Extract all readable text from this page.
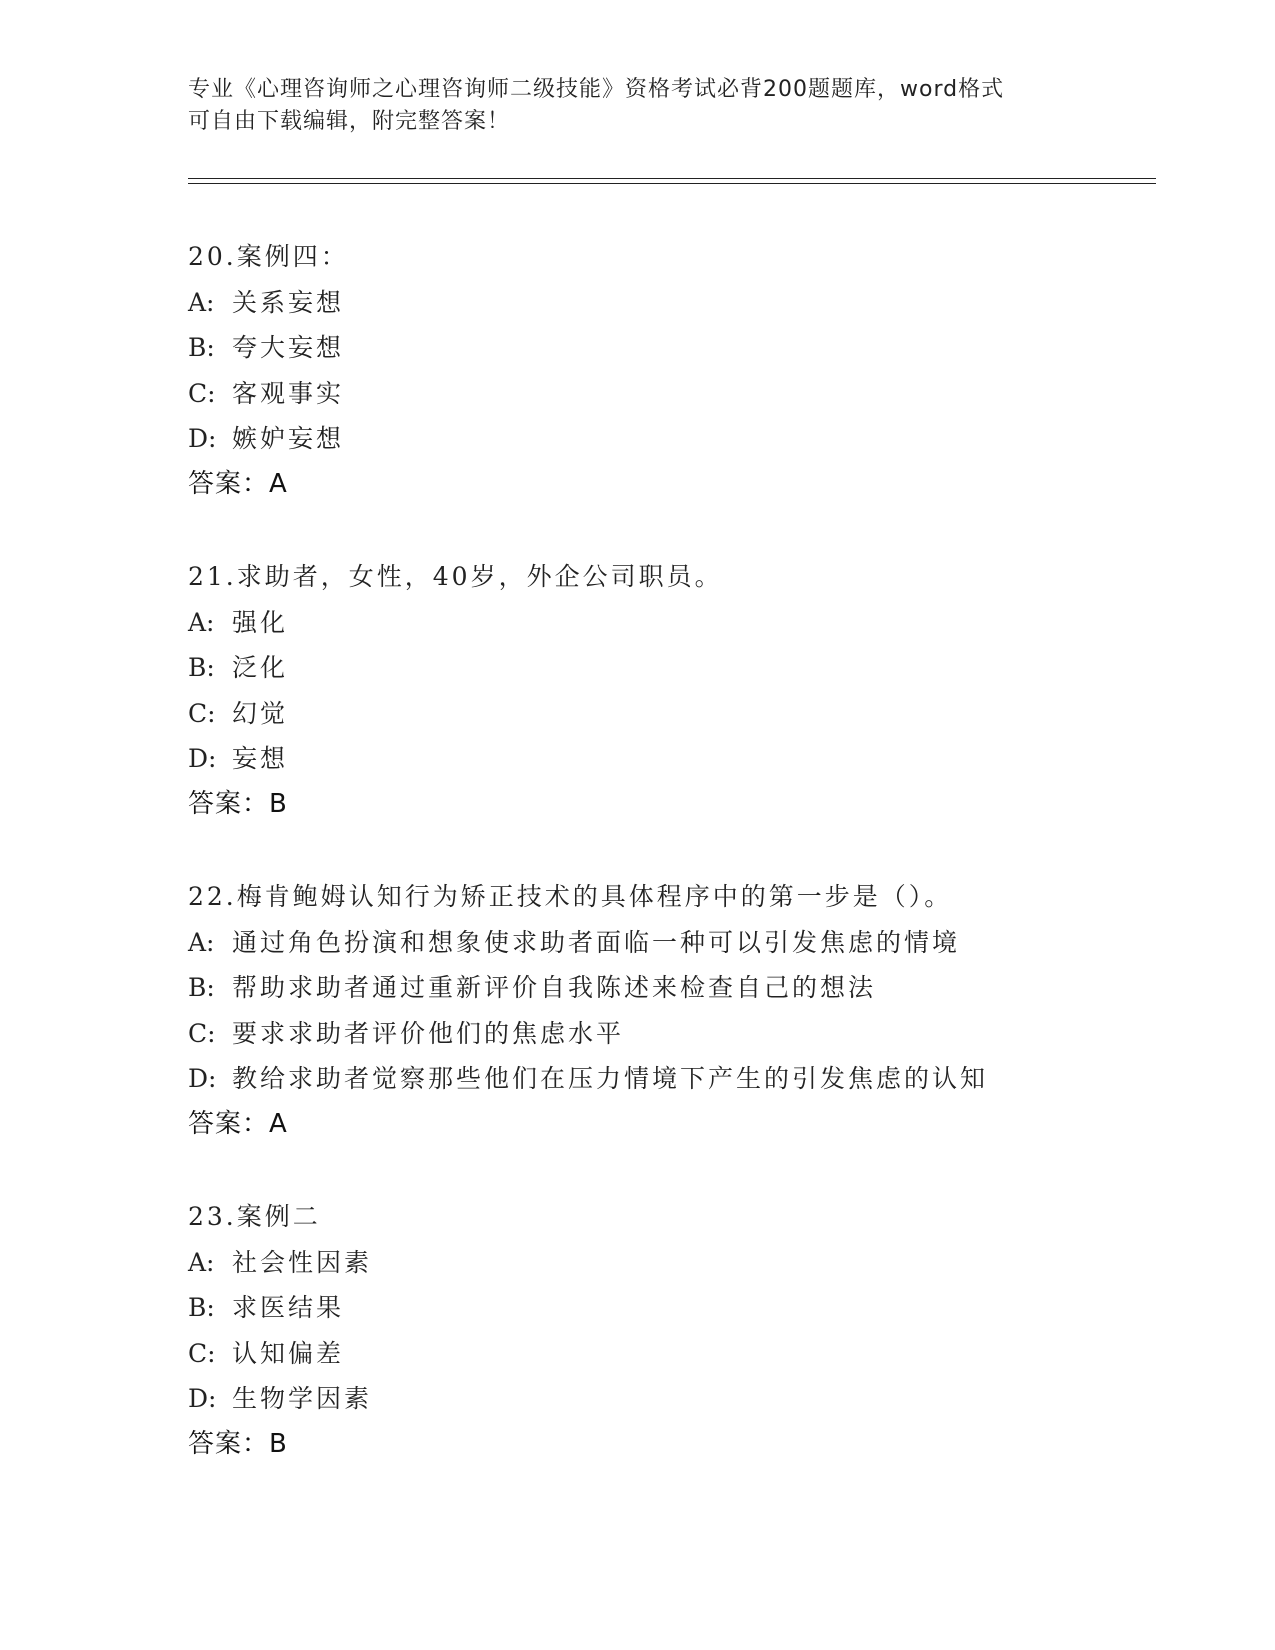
专业《心理咨询师之心理咨询师二级技能》资格考试必背200题题库，word格式
可自由下载编辑，附完整答案！
20.案例四：
A: 关系妄想
B: 夸大妄想
C: 客观事实
D: 嫉妒妄想
答案：A
21.求助者，女性，40岁，外企公司职员。
A: 强化
B: 泛化
C: 幻觉
D: 妄想
答案：B
22.梅肯鲍姆认知行为矫正技术的具体程序中的第一步是（）。
A: 通过角色扮演和想象使求助者面临一种可以引发焦虑的情境
B: 帮助求助者通过重新评价自我陈述来检查自己的想法
C: 要求求助者评价他们的焦虑水平
D: 教给求助者觉察那些他们在压力情境下产生的引发焦虑的认知
答案：A
23.案例二
A: 社会性因素
B: 求医结果
C: 认知偏差
D: 生物学因素
答案：B
